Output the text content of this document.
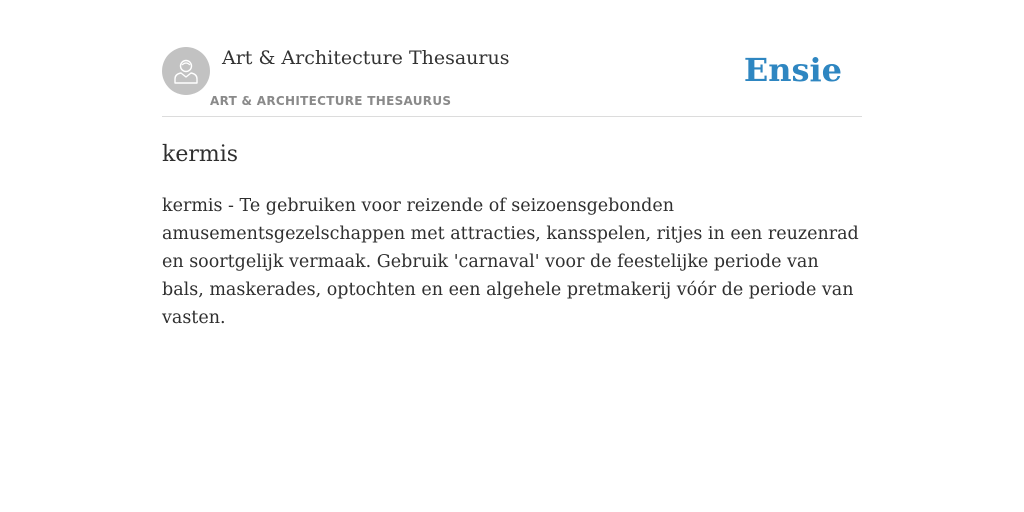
Art & Architecture Thesaurus
ART & ARCHITECTURE THESAURUS
Ensie
kermis

kermis - Te gebruiken voor reizende of seizoensgebonden amusementsgezelschappen met attracties, kansspelen, ritjes in een reuzenrad en soortgelijk vermaak. Gebruik 'carnaval' voor de feestelijke periode van bals, maskerades, optochten en een algehele pretmakerij vóór de periode van vasten.
